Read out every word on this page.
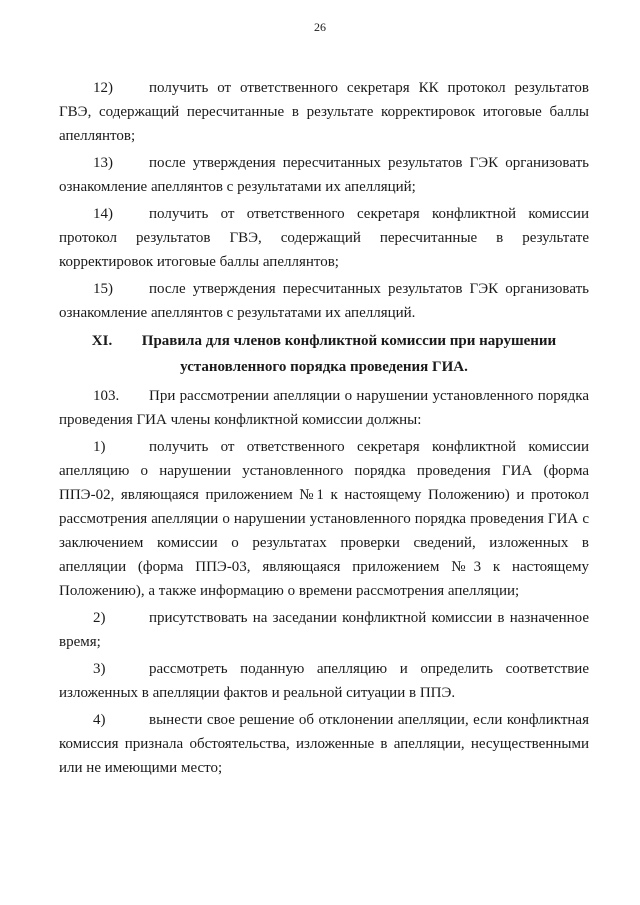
26

12) получить от ответственного секретаря КК протокол результатов ГВЭ, содержащий пересчитанные в результате корректировок итоговые баллы апеллянтов;

13) после утверждения пересчитанных результатов ГЭК организовать ознакомление апеллянтов с результатами их апелляций;

14) получить от ответственного секретаря конфликтной комиссии протокол результатов ГВЭ, содержащий пересчитанные в результате корректировок итоговые баллы апеллянтов;

15) после утверждения пересчитанных результатов ГЭК организовать ознакомление апеллянтов с результатами их апелляций.

XI. Правила для членов конфликтной комиссии при нарушении
установленного порядка проведения ГИА.

103. При рассмотрении апелляции о нарушении установленного порядка проведения ГИА члены конфликтной комиссии должны:

1)	получить от ответственного секретаря конфликтной комиссии апелляцию о нарушении установленного порядка проведения ГИА (форма ППЭ-02, являющаяся приложением №1 к настоящему Положению) и протокол рассмотрения апелляции о нарушении установленного порядка проведения ГИА с заключением комиссии о результатах проверки сведений, изложенных в апелляции (форма ППЭ-03, являющаяся приложением №3 к настоящему Положению), а также информацию о времени рассмотрения апелляции;

2)	присутствовать на заседании конфликтной комиссии в назначенное время;

3)	рассмотреть поданную апелляцию и определить соответствие изложенных в апелляции фактов и реальной ситуации в ППЭ.

4)	вынести свое решение об отклонении апелляции, если конфликтная комиссия признала обстоятельства, изложенные в апелляции, несущественными или не имеющими место;
